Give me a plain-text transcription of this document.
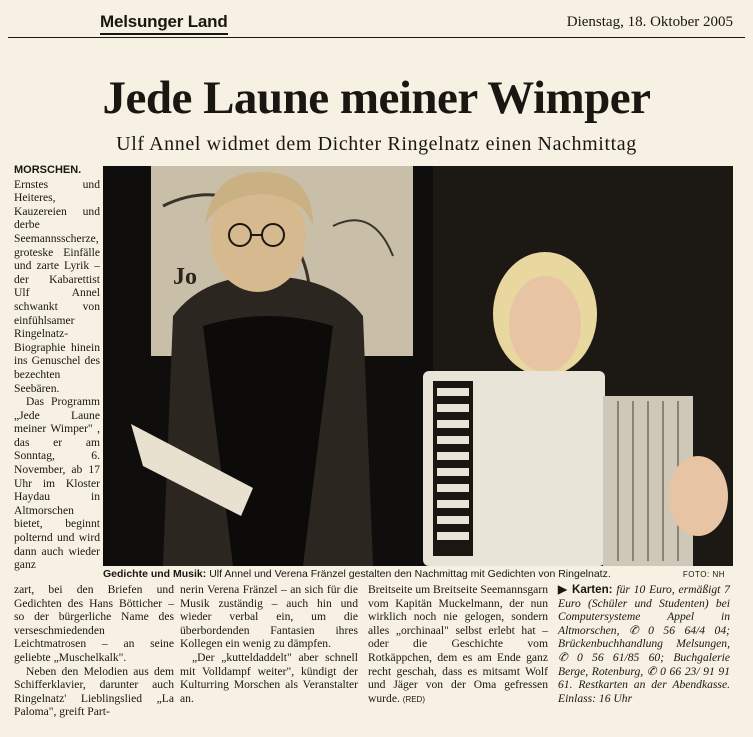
Melsunger Land	Dienstag, 18. Oktober 2005
Jede Laune meiner Wimper
Ulf Annel widmet dem Dichter Ringelnatz einen Nachmittag

MORSCHEN.

Ernstes und Heiteres, Kauzereien und derbe Seemannsscherze, groteske Einfälle und zarte Lyrik – der Kabarettist Ulf Annel schwankt von einfühlsamer Ringelnatz-Biographie hinein ins Genuschel des bezechten Seebären.

Das Programm „Jede Laune meiner Wimper" , das er am Sonntag, 6. November, ab 17 Uhr im Kloster Haydau in Altmorschen bietet, beginnt polternd und wird dann auch wieder ganz

Jo
Gedichte und Musik: Ulf Annel und Verena Fränzel gestalten den Nachmittag mit Gedichten von Ringelnatz.	FOTO: NH

zart, bei den Briefen und Gedichten des Hans Bötticher – so der bürgerliche Name des verseschmiedenden Leichtmatrosen – an seine geliebte „Muschelkalk".

Neben den Melodien aus dem Schifferklavier, darunter auch Ringelnatz' Lieblingslied „La Paloma", greift Part-

nerin Verena Fränzel – an sich für die Musik zuständig – auch hin und wieder verbal ein, um die überbordenden Fantasien ihres Kollegen ein wenig zu dämpfen.

„Der „kutteldaddelt" aber schnell mit Volldampf weiter", kündigt der Kulturring Morschen als Veranstalter an.

Breitseite um Breitseite Seemannsgarn vom Kapitän Muckelmann, der nun wirklich noch nie gelogen, sondern alles „orchinaal" selbst erlebt hat – oder die Geschichte vom Rotkäppchen, dem es am Ende ganz recht geschah, dass es mitsamt Wolf und Jäger von der Oma gefressen wurde. (RED)

▶ Karten: für 10 Euro, ermäßigt 7 Euro (Schüler und Studenten) bei Computersysteme Appel in Altmorschen, ✆ 0 56 64/4 04; Brückenbuchhandlung Melsungen, ✆ 0 56 61/85 60; Buchgalerie Berge, Rotenburg, ✆ 0 66 23/ 91 91 61. Restkarten an der Abendkasse. Einlass: 16 Uhr
